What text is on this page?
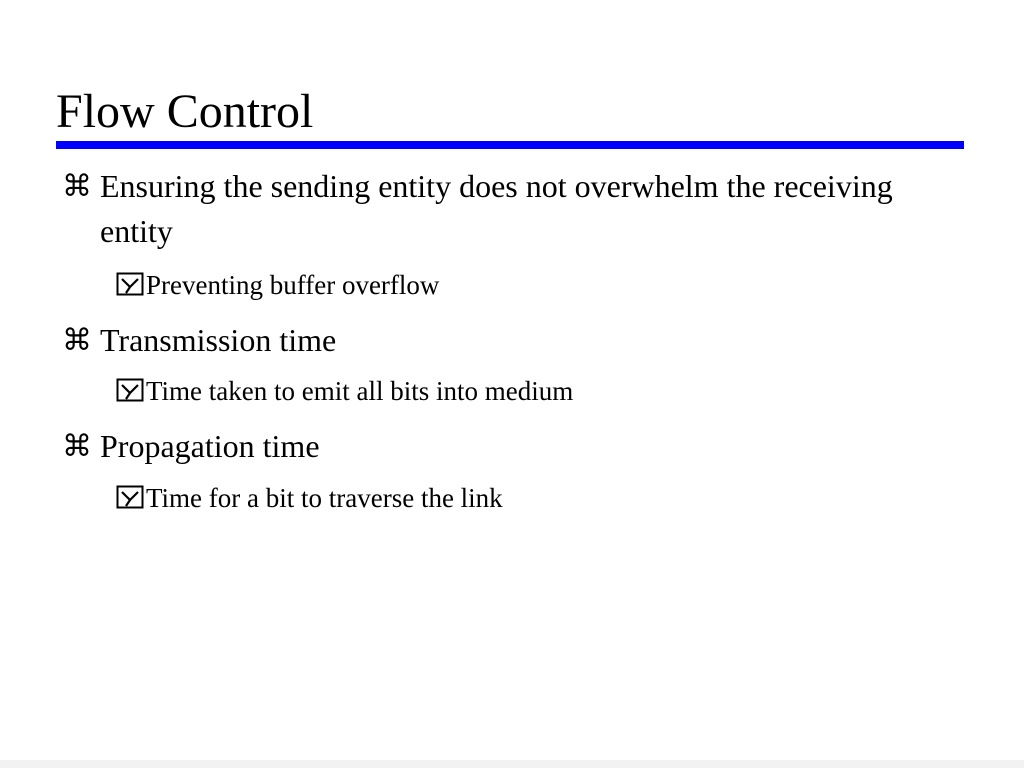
Flow Control
⌘ Ensuring the sending entity does not overwhelm the receiving entity
Preventing buffer overflow
⌘ Transmission time
Time taken to emit all bits into medium
⌘ Propagation time
Time for a bit to traverse the link
